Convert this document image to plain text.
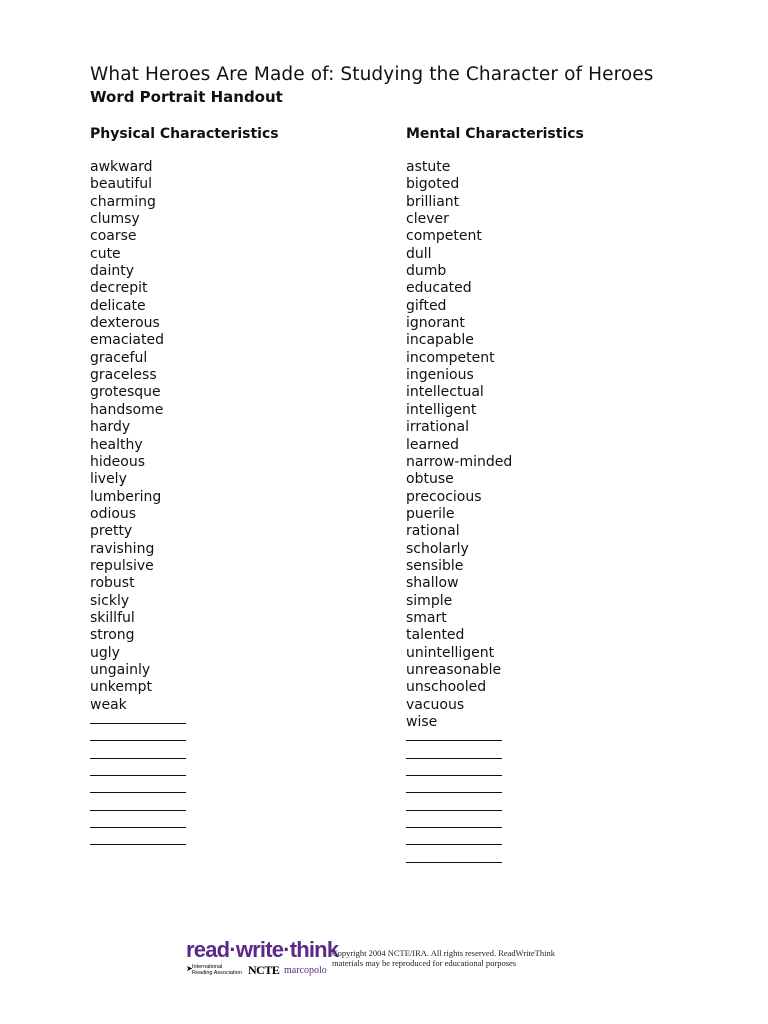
What Heroes Are Made of: Studying the Character of Heroes
Word Portrait Handout
Physical Characteristics
awkward
beautiful
charming
clumsy
coarse
cute
dainty
decrepit
delicate
dexterous
emaciated
graceful
graceless
grotesque
handsome
hardy
healthy
hideous
lively
lumbering
odious
pretty
ravishing
repulsive
robust
sickly
skillful
strong
ugly
ungainly
unkempt
weak
Mental Characteristics
astute
bigoted
brilliant
clever
competent
dull
dumb
educated
gifted
ignorant
incapable
incompetent
ingenious
intellectual
intelligent
irrational
learned
narrow-minded
obtuse
precocious
puerile
rational
scholarly
sensible
shallow
simple
smart
talented
unintelligent
unreasonable
unschooled
vacuous
wise
read·write·think
➤ International Reading Association NCTE marcopolo
Copyright 2004 NCTE/IRA. All rights reserved. ReadWriteThink
materials may be reproduced for educational purposes
